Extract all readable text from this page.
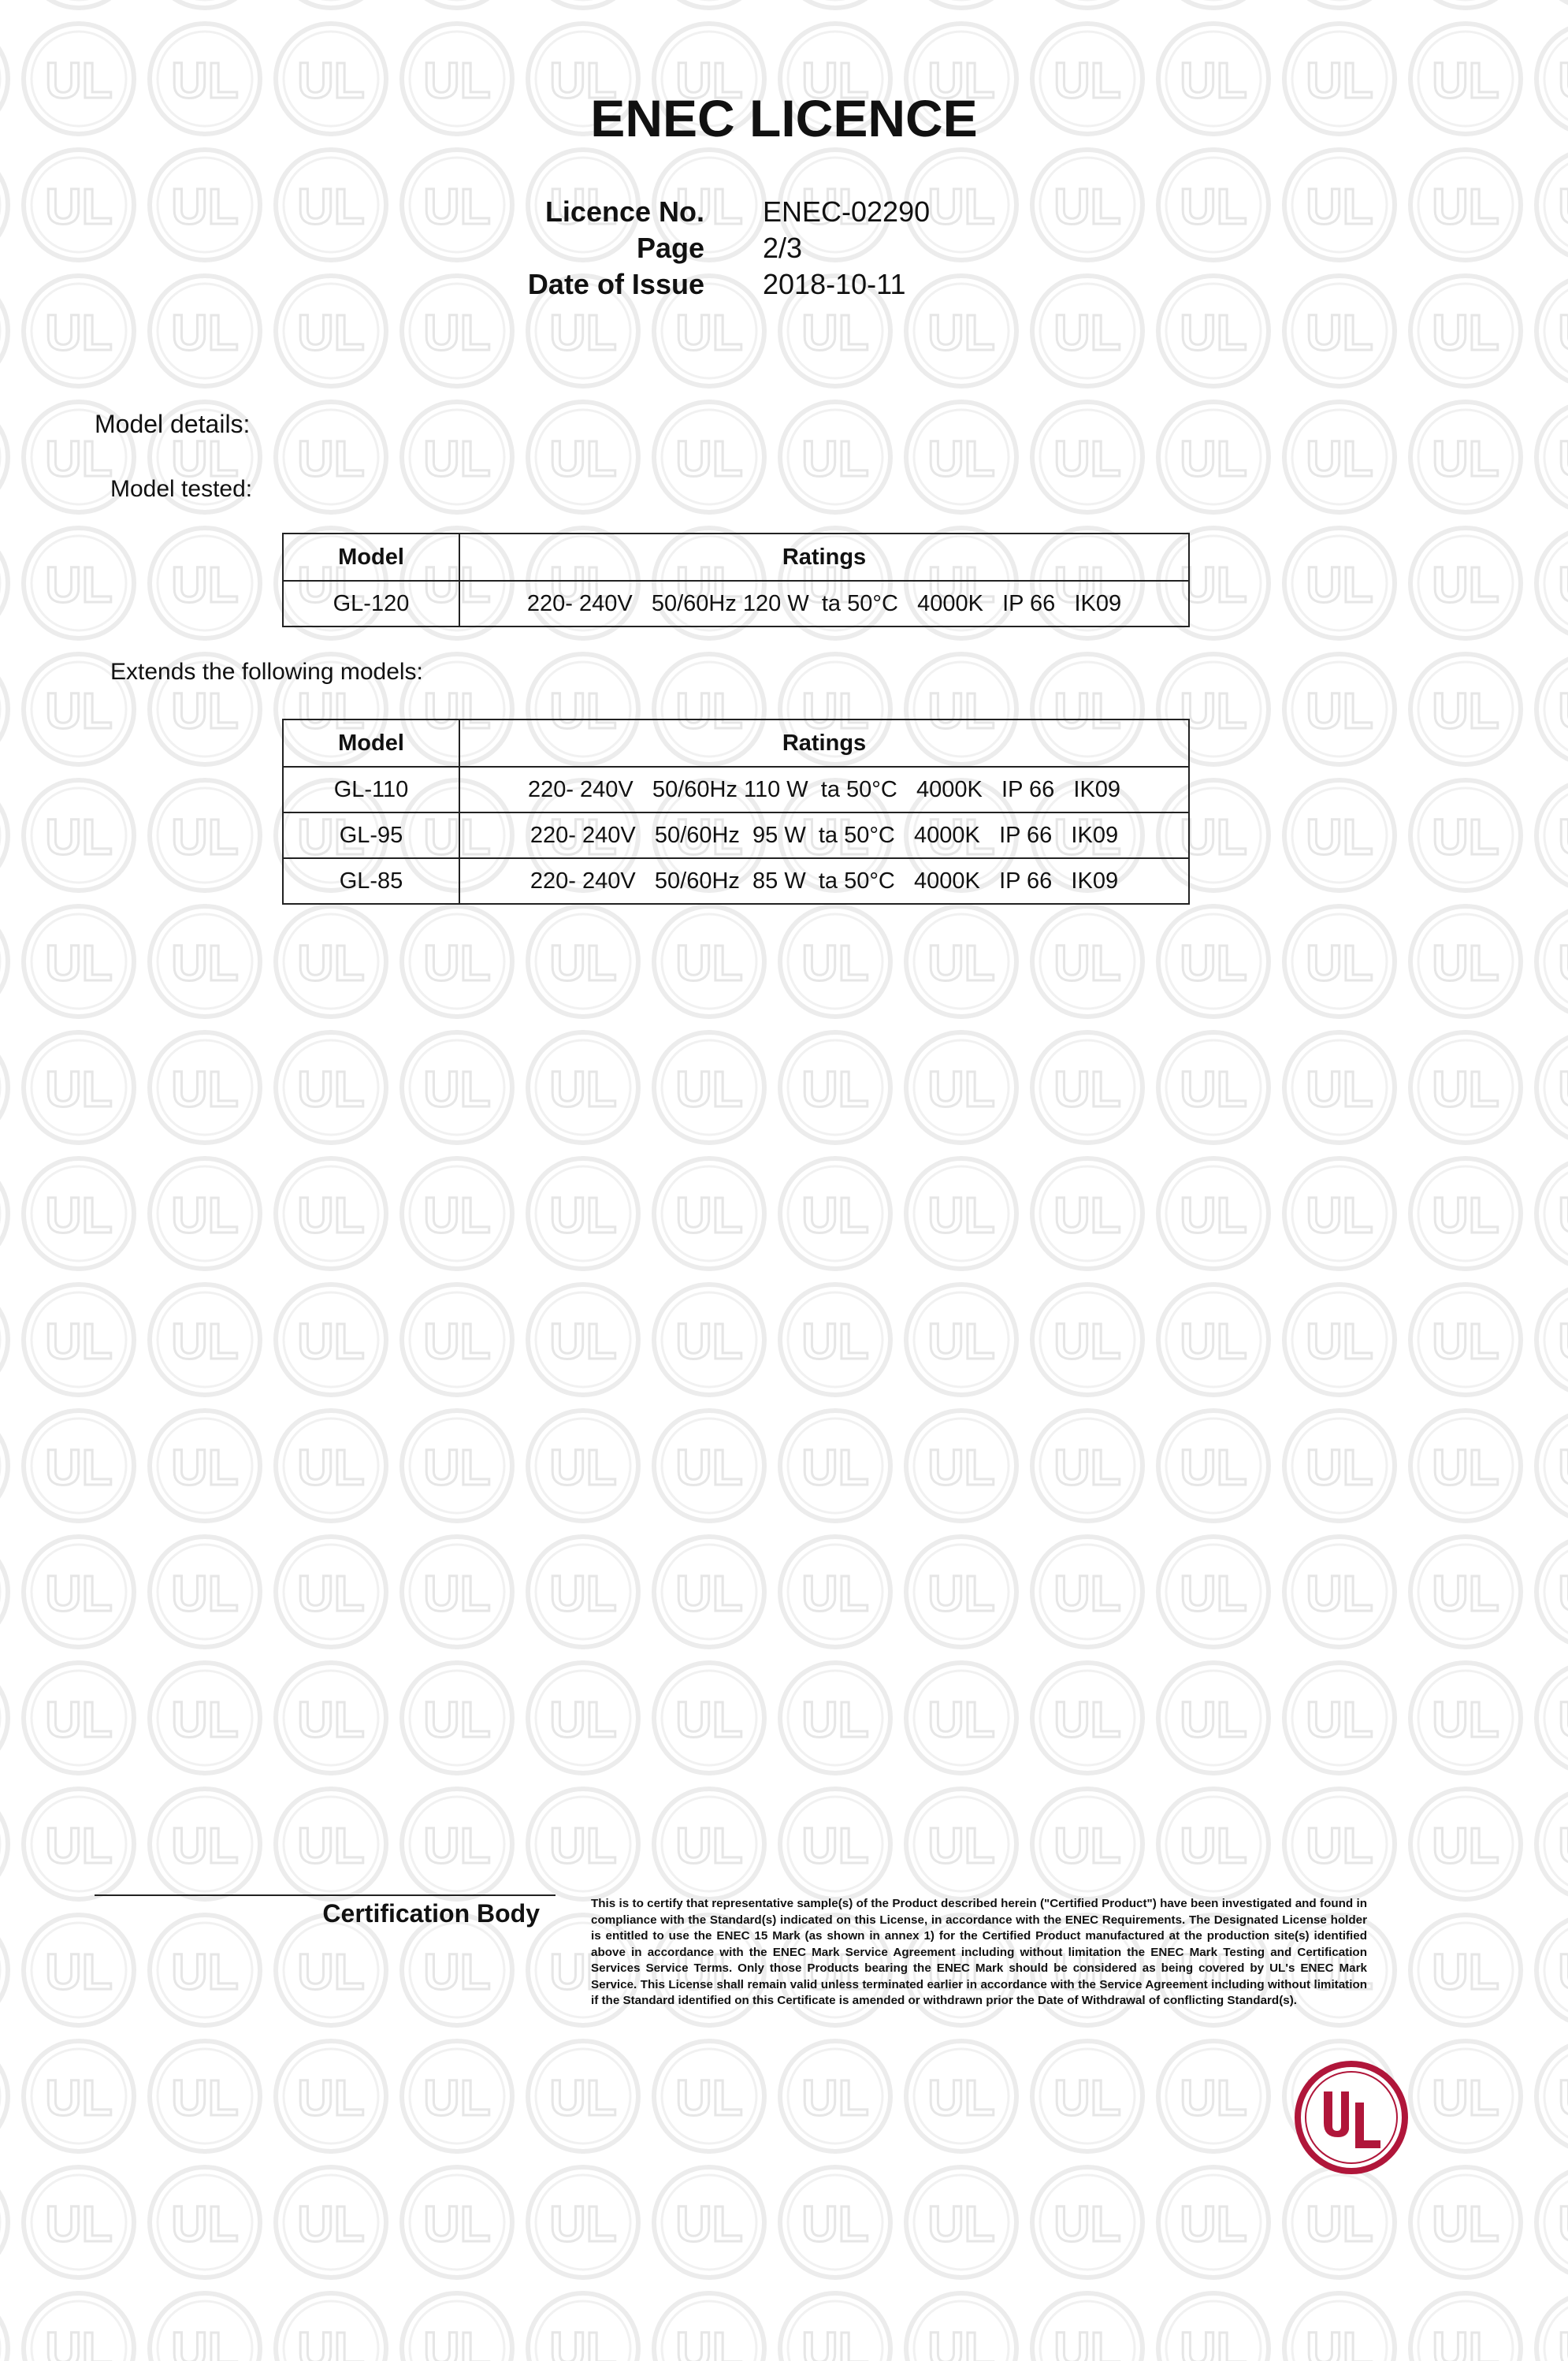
ENEC LICENCE
Licence No. ENEC-02290
Page 2/3
Date of Issue 2018-10-11
Model details:
Model tested:
Model	Ratings
GL-120	220- 240V   50/60Hz 120 W  ta 50°C   4000K   IP 66   IK09
Extends the following models:
Model	Ratings
GL-110	220- 240V   50/60Hz 110 W  ta 50°C   4000K   IP 66   IK09
GL-95	220- 240V   50/60Hz  95 W  ta 50°C   4000K   IP 66   IK09
GL-85	220- 240V   50/60Hz  85 W  ta 50°C   4000K   IP 66   IK09
Certification Body	This is to certify that representative sample(s) of the Product described herein ("Certified Product") have been investigated and found in compliance with the Standard(s) indicated on this License, in accordance with the ENEC Requirements. The Designated License holder is entitled to use the ENEC 15 Mark (as shown in annex 1) for the Certified Product manufactured at the production site(s) identified above in accordance with the ENEC Mark Service Agreement including without limitation the ENEC Mark Testing and Certification Services Service Terms. Only those Products bearing the ENEC Mark should be considered as being covered by UL's ENEC Mark Service. This License shall remain valid unless terminated earlier in accordance with the Service Agreement including without limitation if the Standard identified on this Certificate is amended or withdrawn prior the Date of Withdrawal of conflicting Standard(s).
